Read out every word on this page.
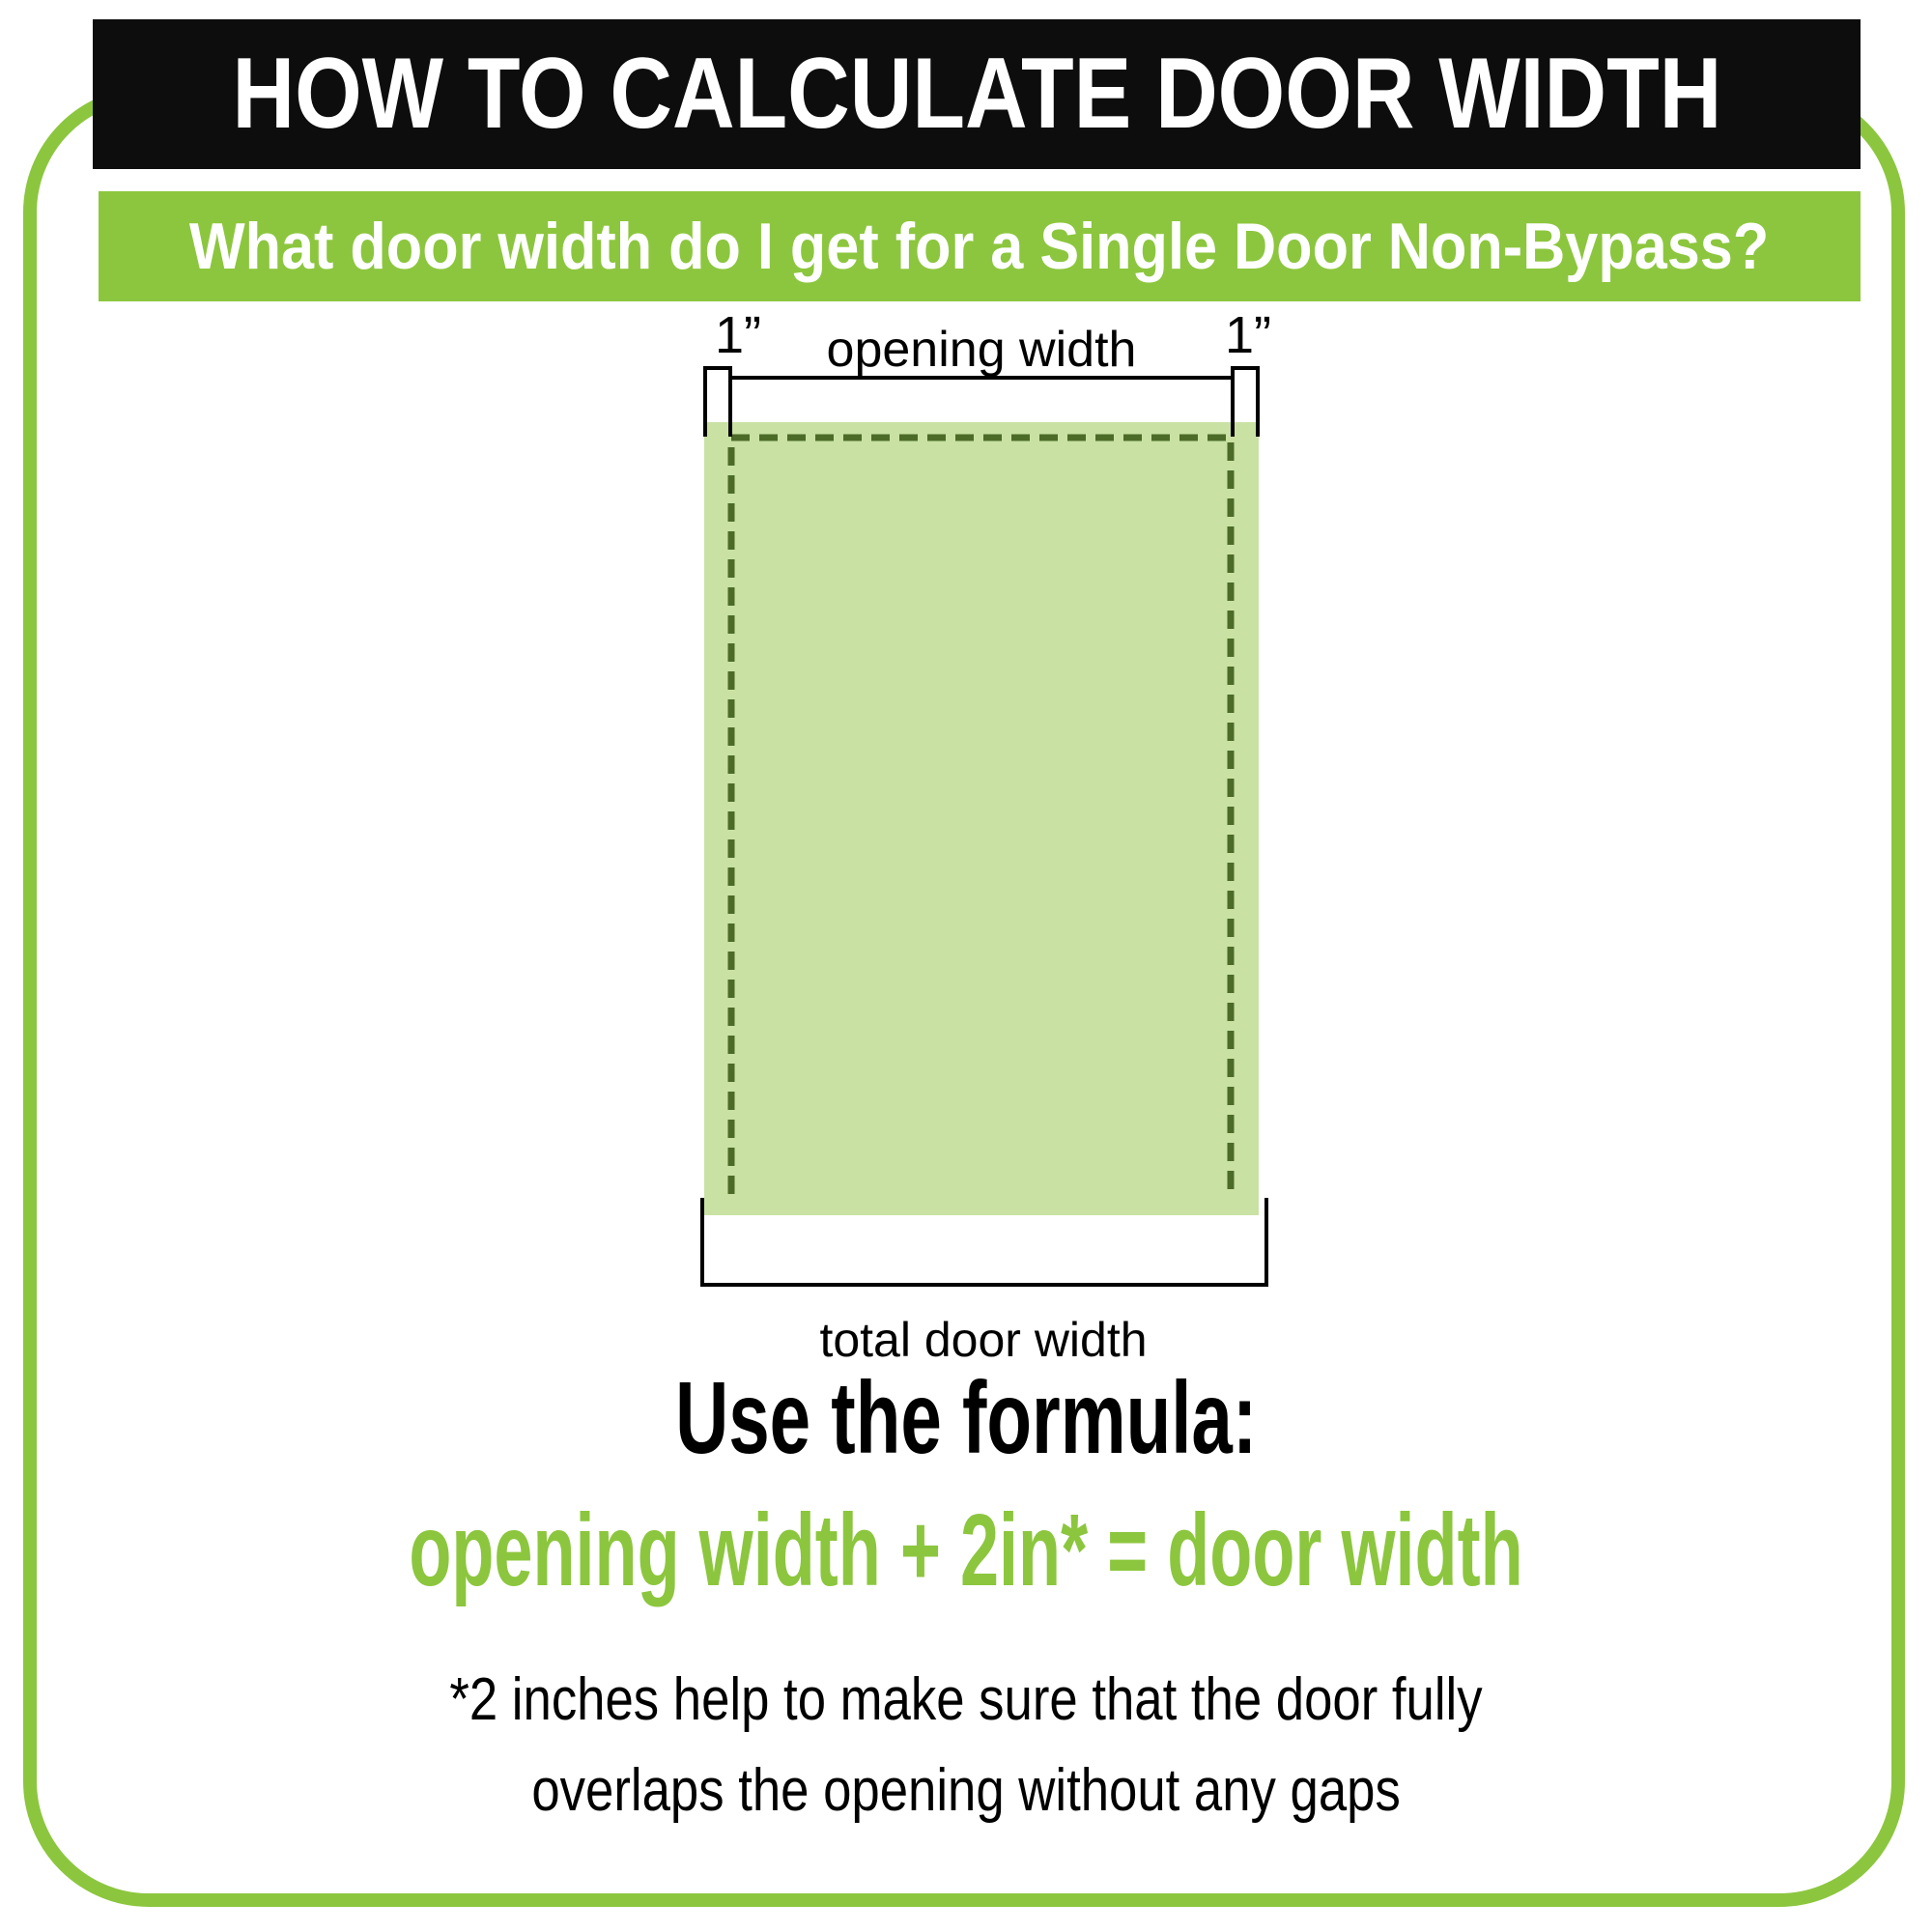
HOW TO CALCULATE DOOR WIDTH
What door width do I get for a Single Door Non-Bypass?
1” opening width 1”
total door width
Use the formula:
opening width + 2in* = door width
*2 inches help to make sure that the door fully
overlaps the opening without any gaps
